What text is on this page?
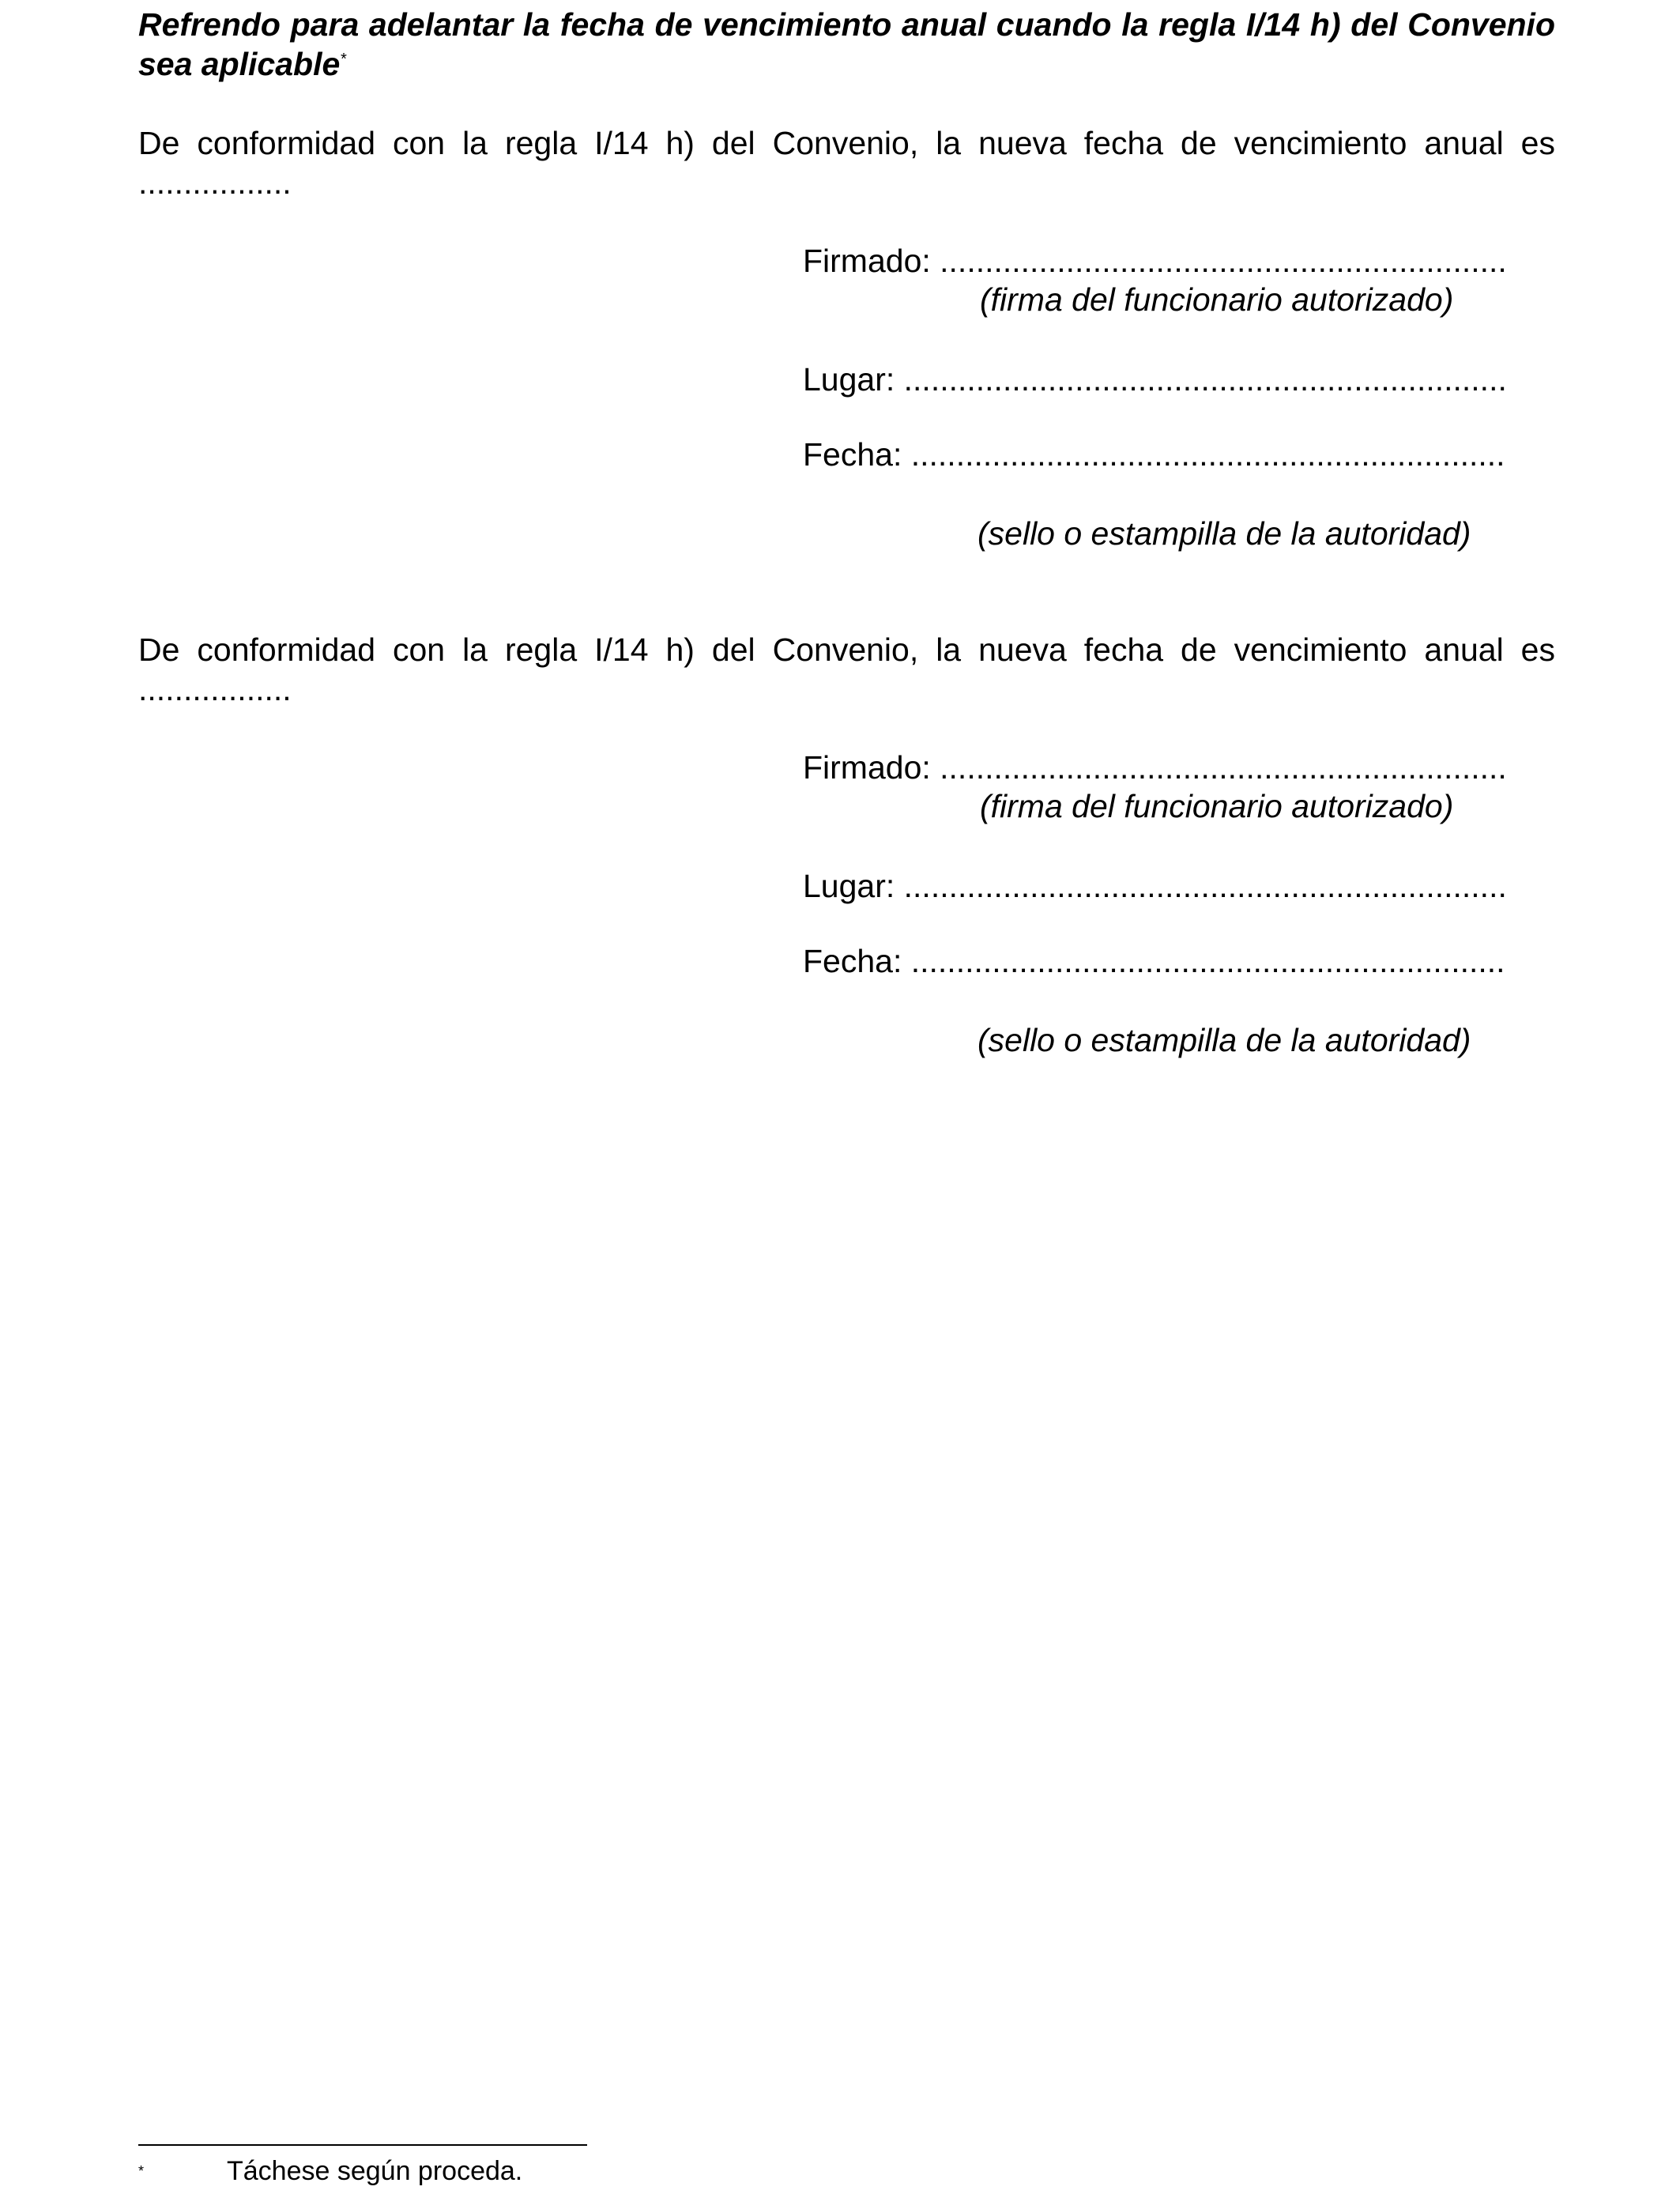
Refrendo para adelantar la fecha de vencimiento anual cuando la regla I/14 h) del Convenio sea aplicable*

De conformidad con la regla I/14 h) del Convenio, la nueva fecha de vencimiento anual es .................

Firmado: ...............................................................
(firma del funcionario autorizado)
Lugar: ...................................................................
Fecha: ..................................................................
(sello o estampilla de la autoridad)

De conformidad con la regla I/14 h) del Convenio, la nueva fecha de vencimiento anual es .................

Firmado: ...............................................................
(firma del funcionario autorizado)
Lugar: ...................................................................
Fecha: ..................................................................
(sello o estampilla de la autoridad)
*	Táchese según proceda.
